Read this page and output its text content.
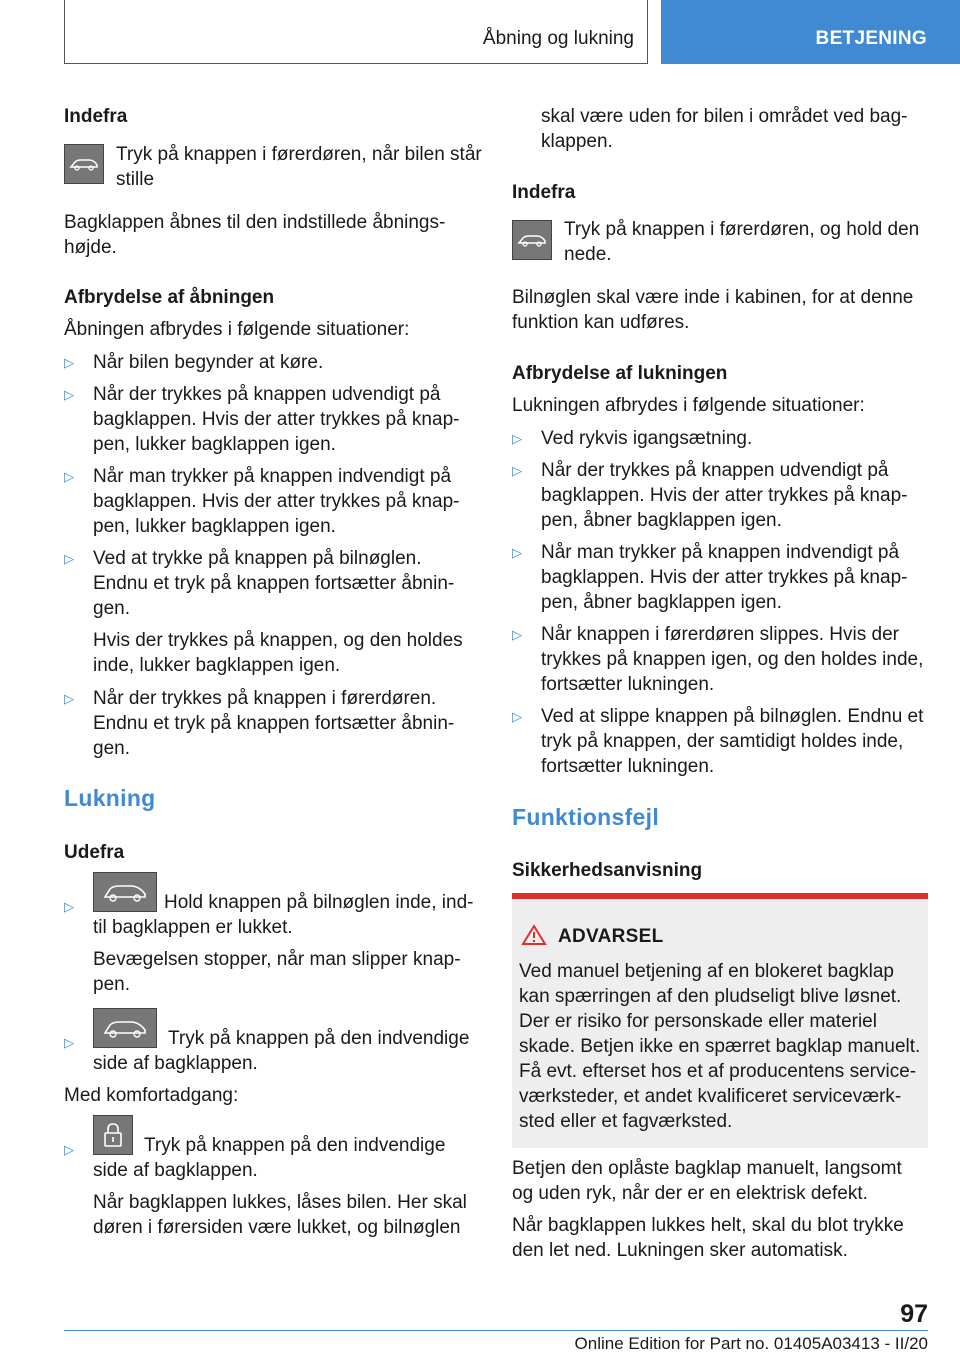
Åbning og lukning	BETJENING

Indefra

Tryk på knappen i førerdøren, når bilen står

stille

Bagklappen åbnes til den indstillede åbnings‐

højde.

Afbrydelse af åbningen

Åbningen afbrydes i følgende situationer:

▷ Når bilen begynder at køre.

▷ Når der trykkes på knappen udvendigt på

bagklappen. Hvis der atter trykkes på knap‐

pen, lukker bagklappen igen.

▷ Når man trykker på knappen indvendigt på

bagklappen. Hvis der atter trykkes på knap‐

pen, lukker bagklappen igen.

▷ Ved at trykke på knappen på bilnøglen.

Endnu et tryk på knappen fortsætter åbnin‐

gen.

Hvis der trykkes på knappen, og den holdes

inde, lukker bagklappen igen.

▷ Når der trykkes på knappen i førerdøren.

Endnu et tryk på knappen fortsætter åbnin‐

gen.

Lukning

Udefra

▷	Hold knappen på bilnøglen inde, ind‐

til bagklappen er lukket.

Bevægelsen stopper, når man slipper knap‐

pen.

▷	Tryk på knappen på den indvendige

side af bagklappen.

Med komfortadgang:

▷	Tryk på knappen på den indvendige

side af bagklappen.

Når bagklappen lukkes, låses bilen. Her skal

døren i førersiden være lukket, og bilnøglen

skal være uden for bilen i området ved bag‐

klappen.

Indefra

Tryk på knappen i førerdøren, og hold den

nede.

Bilnøglen skal være inde i kabinen, for at denne

funktion kan udføres.

Afbrydelse af lukningen

Lukningen afbrydes i følgende situationer:

▷ Ved rykvis igangsætning.

▷ Når der trykkes på knappen udvendigt på

bagklappen. Hvis der atter trykkes på knap‐

pen, åbner bagklappen igen.

▷ Når man trykker på knappen indvendigt på

bagklappen. Hvis der atter trykkes på knap‐

pen, åbner bagklappen igen.

▷ Når knappen i førerdøren slippes. Hvis der

trykkes på knappen igen, og den holdes inde,

fortsætter lukningen.

▷ Ved at slippe knappen på bilnøglen. Endnu et

tryk på knappen, der samtidigt holdes inde,

fortsætter lukningen.

Funktionsfejl

Sikkerhedsanvisning

Betjen den oplåste bagklap manuelt, langsomt

og uden ryk, når der er en elektrisk defekt.

Når bagklappen lukkes helt, skal du blot trykke

den let ned. Lukningen sker automatisk.

ADVARSEL

Ved manuel betjening af en blokeret bagklap

kan spærringen af den pludseligt blive løsnet.

Der er risiko for personskade eller materiel

skade. Betjen ikke en spærret bagklap manuelt.

Få evt. efterset hos et af producentens service‐

værksteder, et andet kvalificeret serviceværk‐

sted eller et fagværksted.

97
Online Edition for Part no. 01405A03413 - II/20
